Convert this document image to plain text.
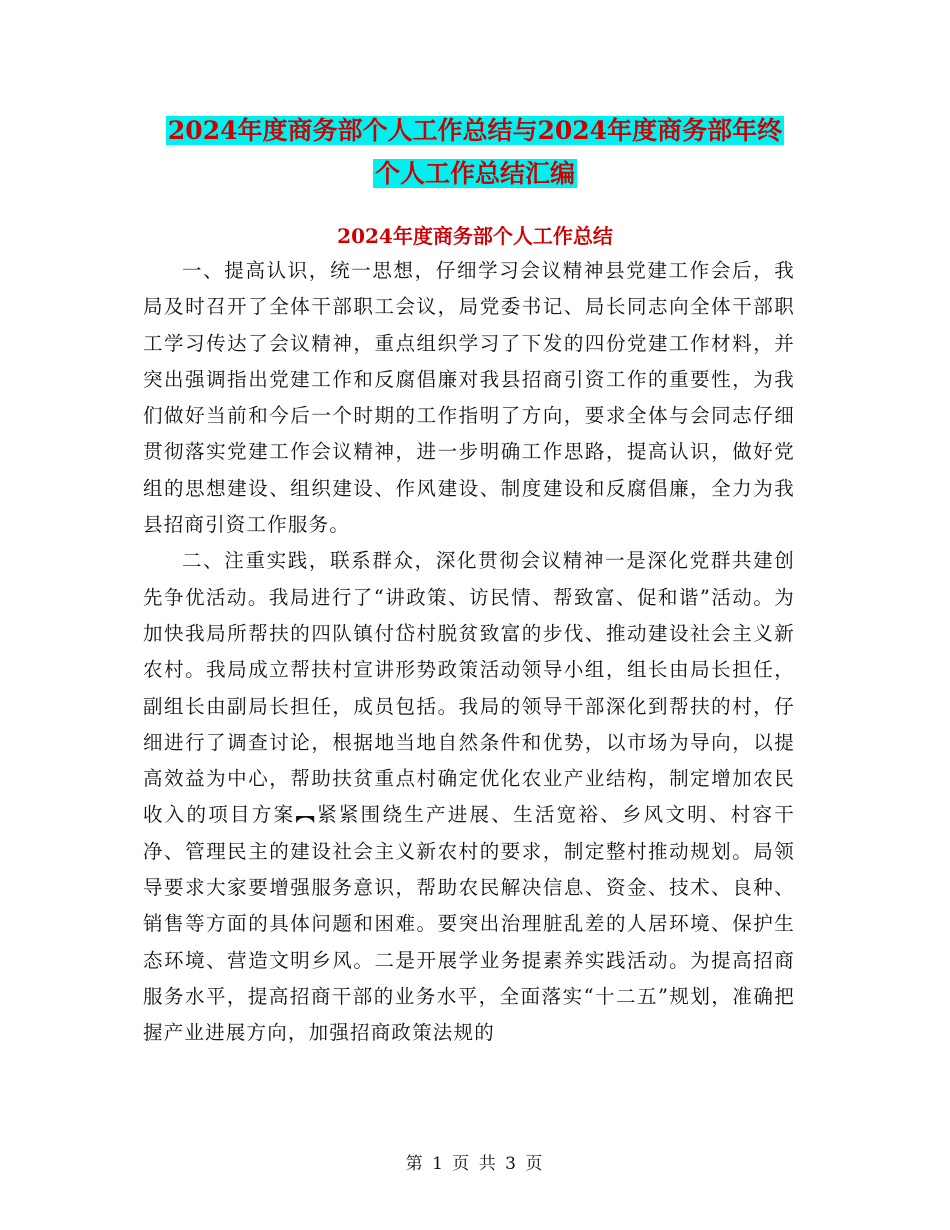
2024年度商务部个人工作总结与2024年度商务部年终
个人工作总结汇编
2024年度商务部个人工作总结

一、提高认识，统一思想，仔细学习会议精神县党建工作会后，我局及时召开了全体干部职工会议，局党委书记、局长同志向全体干部职工学习传达了会议精神，重点组织学习了下发的四份党建工作材料，并突出强调指出党建工作和反腐倡廉对我县招商引资工作的重要性，为我们做好当前和今后一个时期的工作指明了方向，要求全体与会同志仔细贯彻落实党建工作会议精神，进一步明确工作思路，提高认识，做好党组的思想建设、组织建设、作风建设、制度建设和反腐倡廉，全力为我县招商引资工作服务。

二、注重实践，联系群众，深化贯彻会议精神一是深化党群共建创先争优活动。我局进行了“讲政策、访民情、帮致富、促和谐”活动。为加快我局所帮扶的四队镇付岱村脱贫致富的步伐、推动建设社会主义新农村。我局成立帮扶村宣讲形势政策活动领导小组，组长由局长担任，副组长由副局长担任，成员包括。我局的领导干部深化到帮扶的村，仔细进行了调查讨论，根据地当地自然条件和优势，以市场为导向，以提高效益为中心，帮助扶贫重点村确定优化农业产业结构，制定增加农民收入的项目方案︻紧紧围绕生产进展、生活宽裕、乡风文明、村容干净、管理民主的建设社会主义新农村的要求，制定整村推动规划。局领导要求大家要增强服务意识，帮助农民解决信息、资金、技术、良种、销售等方面的具体问题和困难。要突出治理脏乱差的人居环境、保护生态环境、营造文明乡风。二是开展学业务提素养实践活动。为提高招商服务水平，提高招商干部的业务水平，全面落实“十二五”规划，准确把握产业进展方向，加强招商政策法规的

第 1 页 共 3 页
